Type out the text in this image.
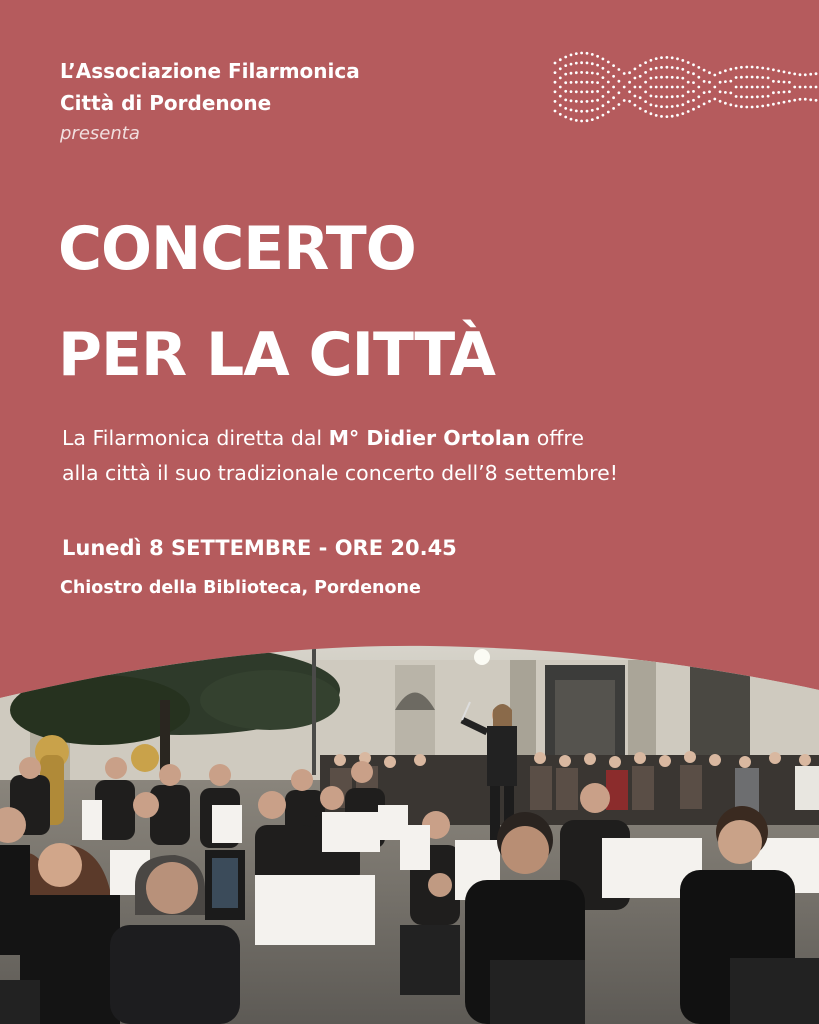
L’Associazione Filarmonica
Città di Pordenone
presenta
CONCERTO
PER LA CITTÀ
La Filarmonica diretta dal M° Didier Ortolan offre
alla città il suo tradizionale concerto dell’8 settembre!
Lunedì 8 SETTEMBRE - ORE 20.45
Chiostro della Biblioteca, Pordenone
